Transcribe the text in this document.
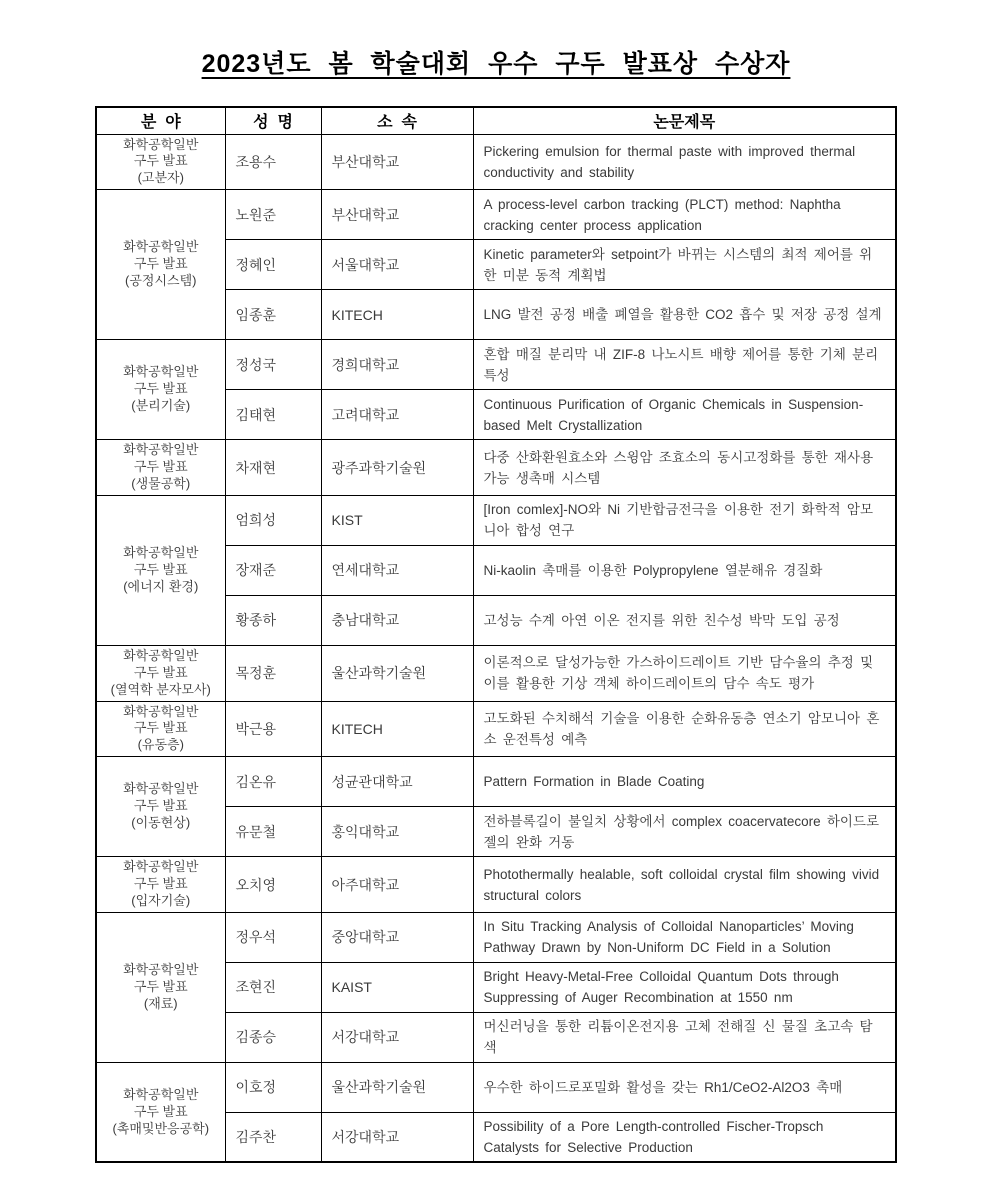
2023년도 봄 학술대회 우수 구두 발표상 수상자
분  야	성  명	소  속	논문제목

화학공학일반
구두 발표
(고분자)	조용수	부산대학교	Pickering emulsion for thermal paste with improved thermal conductivity and stability

화학공학일반
구두 발표
(공정시스템)	노원준	부산대학교	A process-level carbon tracking (PLCT) method: Naphtha cracking center process application
	정혜인	서울대학교	Kinetic parameter와 setpoint가 바뀌는 시스템의 최적 제어를 위한 미분 동적 계획법
	임종훈	KITECH	LNG 발전 공정 배출 폐열을 활용한 CO2 흡수 및 저장 공정 설계

화학공학일반
구두 발표
(분리기술)	정성국	경희대학교	혼합 매질 분리막 내 ZIF-8 나노시트 배향 제어를 통한 기체 분리 특성
	김태현	고려대학교	Continuous Purification of Organic Chemicals in Suspension-based Melt Crystallization

화학공학일반
구두 발표
(생물공학)	차재현	광주과학기술원	다중 산화환원효소와 스윙암 조효소의 동시고정화를 통한 재사용 가능 생촉매 시스템

화학공학일반
구두 발표
(에너지 환경)	엄희성	KIST	[Iron comlex]-NO와 Ni 기반합금전극을 이용한 전기 화학적 암모니아 합성 연구
	장재준	연세대학교	Ni-kaolin 촉매를 이용한 Polypropylene 열분해유 경질화
	황종하	충남대학교	고성능 수계 아연 이온 전지를 위한 친수성 박막 도입 공정

화학공학일반
구두 발표
(열역학 분자모사)	목정훈	울산과학기술원	이론적으로 달성가능한 가스하이드레이트 기반 담수율의 추정 및 이를 활용한 기상 객체 하이드레이트의 담수 속도 평가

화학공학일반
구두 발표
(유동층)	박근용	KITECH	고도화된 수치해석 기술을 이용한 순화유동층 연소기 암모니아 혼소 운전특성 예측

화학공학일반
구두 발표
(이동현상)	김온유	성균관대학교	Pattern Formation in Blade Coating
	유문철	홍익대학교	전하블록길이 불일치 상황에서 complex coacervatecore 하이드로젤의 완화 거동

화학공학일반
구두 발표
(입자기술)	오치영	아주대학교	Photothermally healable, soft colloidal crystal film showing vivid structural colors

화학공학일반
구두 발표
(재료)	정우석	중앙대학교	In Situ Tracking Analysis of Colloidal Nanoparticles’ Moving Pathway Drawn by Non-Uniform DC Field in a Solution
	조현진	KAIST	Bright Heavy-Metal-Free Colloidal Quantum Dots through Suppressing of Auger Recombination at 1550 nm
	김종승	서강대학교	머신러닝을 통한 리튬이온전지용 고체 전해질 신 물질 초고속 탐색

화학공학일반
구두 발표
(촉매및반응공학)	이호정	울산과학기술원	우수한 하이드로포밀화 활성을 갖는 Rh1/CeO2-Al2O3 촉매
	김주찬	서강대학교	Possibility of a Pore Length-controlled Fischer-Tropsch Catalysts for Selective Production
